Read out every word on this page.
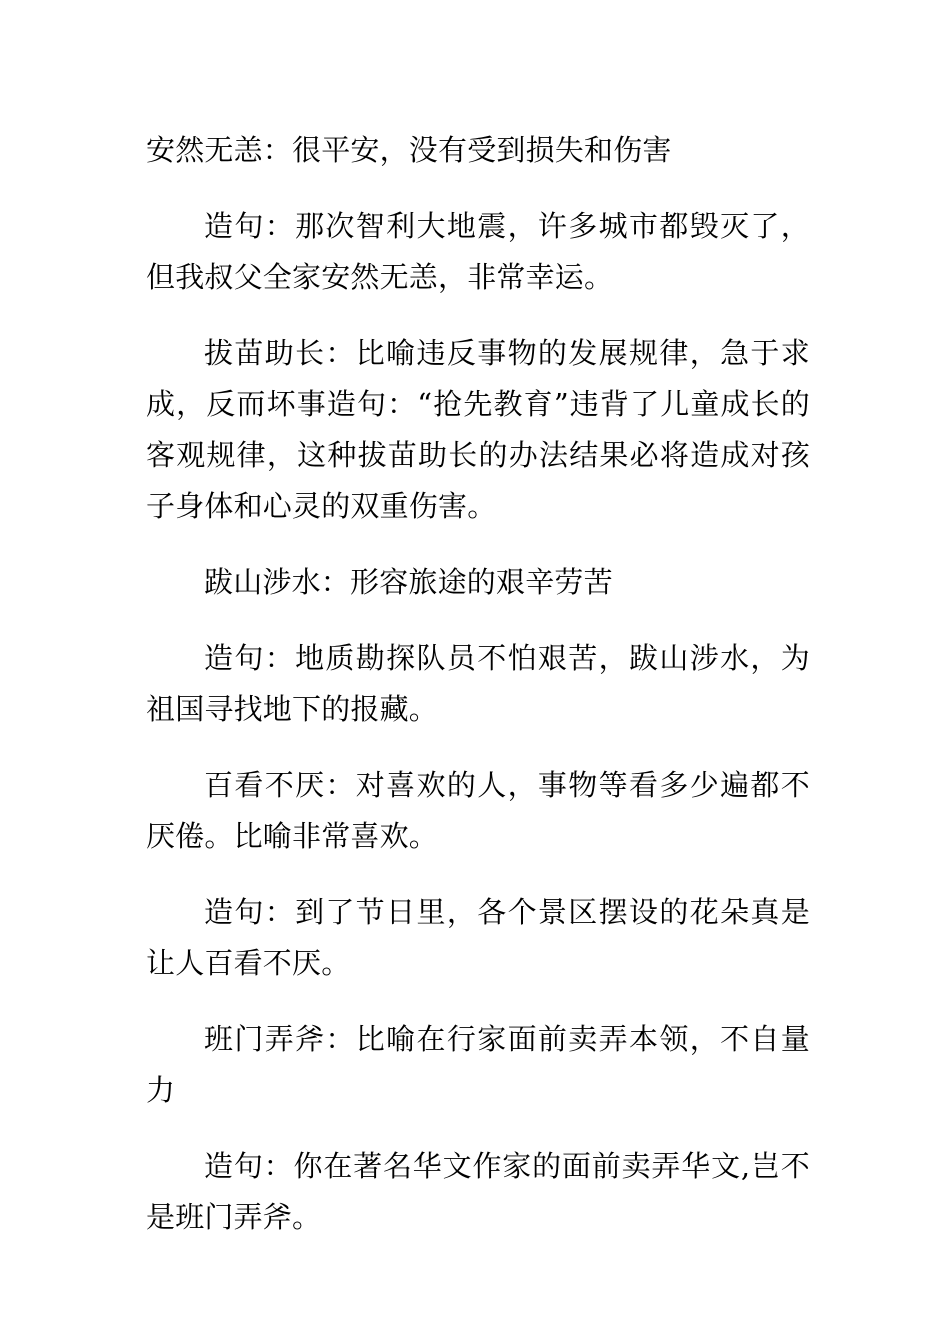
安然无恙：很平安，没有受到损失和伤害

造句：那次智利大地震，许多城市都毁灭了，但我叔父全家安然无恙，非常幸运。

拔苗助长：比喻违反事物的发展规律，急于求成，反而坏事造句：“抢先教育”违背了儿童成长的客观规律，这种拔苗助长的办法结果必将造成对孩子身体和心灵的双重伤害。

跋山涉水：形容旅途的艰辛劳苦

造句：地质勘探队员不怕艰苦，跋山涉水，为祖国寻找地下的报藏。

百看不厌：对喜欢的人，事物等看多少遍都不厌倦。比喻非常喜欢。

造句：到了节日里，各个景区摆设的花朵真是让人百看不厌。

班门弄斧：比喻在行家面前卖弄本领，不自量力

造句：你在著名华文作家的面前卖弄华文,岂不是班门弄斧。
